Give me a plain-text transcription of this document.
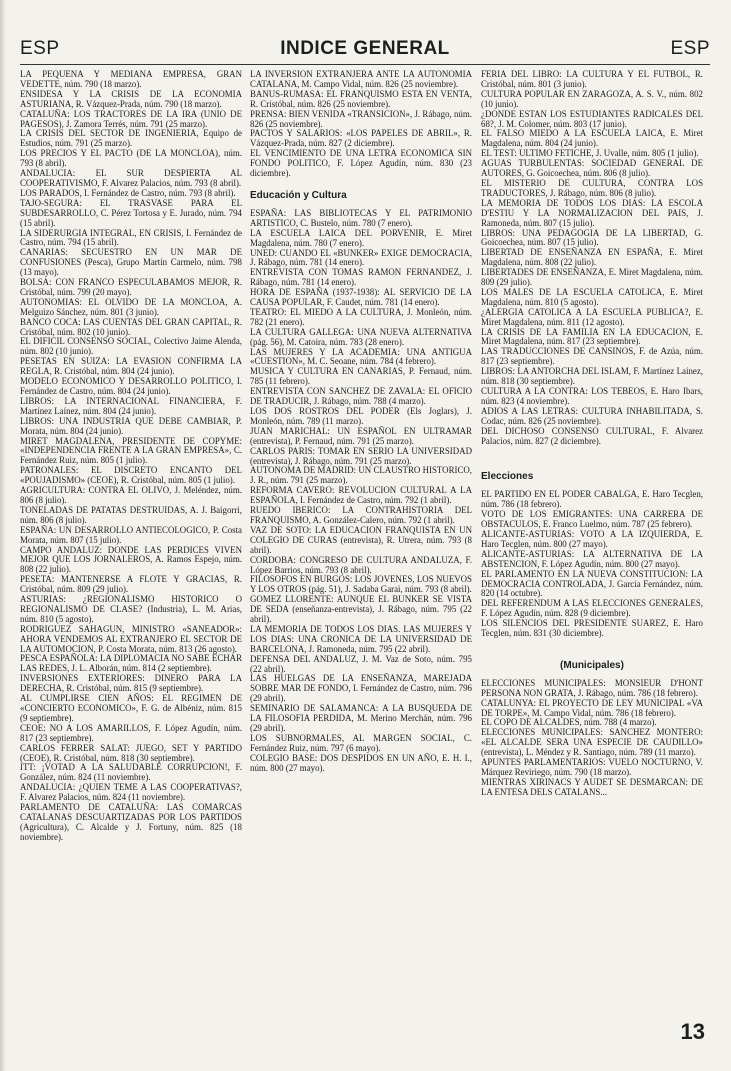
ESP	INDICE GENERAL	ESP

LA PEQUEÑA Y MEDIANA EMPRESA, GRAN VEDETTE, núm. 790 (18 marzo).

ENSIDESA Y LA CRISIS DE LA ECONOMIA ASTURIANA, R. Vázquez-Prada, núm. 790 (18 marzo).

CATALUÑA: LOS TRACTORES DE LA IRA (UNIO DE PAGESOS), J. Zamora Terrés, núm. 791 (25 marzo).

LA CRISIS DEL SECTOR DE INGENIERIA, Equipo de Estudios, núm. 791 (25 marzo).

LOS PRECIOS Y EL PACTO (DE LA MONCLOA), núm. 793 (8 abril).

ANDALUCIA: EL SUR DESPIERTA AL COOPERATIVISMO, F. Alvarez Palacios, núm. 793 (8 abril).

LOS PARADOS, I. Fernández de Castro, núm. 793 (8 abril).

TAJO-SEGURA: EL TRASVASE PARA EL SUBDESARROLLO, C. Pérez Tortosa y E. Jurado, núm. 794 (15 abril).

LA SIDERURGIA INTEGRAL, EN CRISIS, I. Fernández de Castro, núm. 794 (15 abril).

CANARIAS: SECUESTRO EN UN MAR DE CONFUSIONES (Pesca), Grupo Martín Carmelo, núm. 798 (13 mayo).

BOLSA: CON FRANCO ESPECULABAMOS MEJOR, R. Cristóbal, núm. 799 (20 mayo).

AUTONOMIAS: EL OLVIDO DE LA MONCLOA, A. Melguizo Sánchez, núm. 801 (3 junio).

BANCO COCA: LAS CUENTAS DEL GRAN CAPITAL, R. Cristóbal, núm. 802 (10 junio).

EL DIFICIL CONSENSO SOCIAL, Colectivo Jaime Alenda, núm. 802 (10 junio).

PESETAS EN SUIZA: LA EVASION CONFIRMA LA REGLA, R. Cristóbal, núm. 804 (24 junio).

MODELO ECONOMICO Y DESARROLLO POLITICO, I. Fernández de Castro, núm. 804 (24 junio).

LIBROS: LA INTERNACIONAL FINANCIERA, F. Martínez Laínez, núm. 804 (24 junio).

LIBROS: UNA INDUSTRIA QUE DEBE CAMBIAR, P. Morata, núm. 804 (24 junio).

MIRET MAGDALENA, PRESIDENTE DE COPYME: «INDEPENDENCIA FRENTE A LA GRAN EMPRESA», C. Fernández Ruiz, núm. 805 (1 julio).

PATRONALES: EL DISCRETO ENCANTO DEL «POUJADISMO» (CEOE), R. Cristóbal, núm. 805 (1 julio).

AGRICULTURA: CONTRA EL OLIVO, J. Meléndez, núm. 806 (8 julio).

TONELADAS DE PATATAS DESTRUIDAS, A. J. Baigorri, núm. 806 (8 julio).

ESPAÑA: UN DESARROLLO ANTIECOLOGICO, P. Costa Morata, núm. 807 (15 julio).

CAMPO ANDALUZ: DONDE LAS PERDICES VIVEN MEJOR QUE LOS JORNALEROS, A. Ramos Espejo, núm. 808 (22 julio).

PESETA: MANTENERSE A FLOTE Y GRACIAS, R. Cristóbal, núm. 809 (29 julio).

ASTURIAS: ¿REGIONALISMO HISTORICO O REGIONALISMO DE CLASE? (Industria), L. M. Arias, núm. 810 (5 agosto).

RODRIGUEZ SAHAGUN, MINISTRO «SANEADOR»: AHORA VENDEMOS AL EXTRANJERO EL SECTOR DE LA AUTOMOCION, P. Costa Morata, núm. 813 (26 agosto).

PESCA ESPAÑOLA: LA DIPLOMACIA NO SABE ECHAR LAS REDES, J. L. Alborán, núm. 814 (2 septiembre).

INVERSIONES EXTERIORES: DINERO PARA LA DERECHA, R. Cristóbal, núm. 815 (9 septiembre).

AL CUMPLIRSE CIEN AÑOS: EL REGIMEN DE «CONCIERTO ECONOMICO», F. G. de Albéniz, núm. 815 (9 septiembre).

CEOE: NO A LOS AMARILLOS, F. López Agudín, núm. 817 (23 septiembre).

CARLOS FERRER SALAT: JUEGO, SET Y PARTIDO (CEOE), R. Cristóbal, núm. 818 (30 septiembre).

ITT: ¡VOTAD A LA SALUDABLE CORRUPCION!, F. González, núm. 824 (11 noviembre).

ANDALUCIA: ¿QUIEN TEME A LAS COOPERATIVAS?, F. Alvarez Palacios, núm. 824 (11 noviembre).

PARLAMENTO DE CATALUÑA: LAS COMARCAS CATALANAS DESCUARTIZADAS POR LOS PARTIDOS (Agricultura), C. Alcalde y J. Fortuny, núm. 825 (18 noviembre).

LA INVERSION EXTRANJERA ANTE LA AUTONOMIA CATALANA, M. Campo Vidal, núm. 826 (25 noviembre).

BANUS-RUMASA: EL FRANQUISMO ESTA EN VENTA, R. Cristóbal, núm. 826 (25 noviembre).

PRENSA: BIEN VENIDA «TRANSICION», J. Rábago, núm. 826 (25 noviembre).

PACTOS Y SALARIOS: «LOS PAPELES DE ABRIL», R. Vázquez-Prada, núm. 827 (2 diciembre).

EL VENCIMIENTO DE UNA LETRA ECONOMICA SIN FONDO POLITICO, F. López Agudín, núm. 830 (23 diciembre).

Educación y Cultura

ESPAÑA: LAS BIBLIOTECAS Y EL PATRIMONIO ARTISTICO, C. Bustelo, núm. 780 (7 enero).

LA ESCUELA LAICA DEL PORVENIR, E. Miret Magdalena, núm. 780 (7 enero).

UNED: CUANDO EL «BUNKER» EXIGE DEMOCRACIA, J. Rábago, núm. 781 (14 enero).

ENTREVISTA CON TOMAS RAMON FERNANDEZ, J. Rábago, núm. 781 (14 enero).

HORA DE ESPAÑA (1937-1938): AL SERVICIO DE LA CAUSA POPULAR, F. Caudet, núm. 781 (14 enero).

TEATRO: EL MIEDO A LA CULTURA, J. Monleón, núm. 782 (21 enero).

LA CULTURA GALLEGA: UNA NUEVA ALTERNATIVA (pág. 56), M. Catoira, núm. 783 (28 enero).

LAS MUJERES Y LA ACADEMIA: UNA ANTIGUA «CUESTION», M. C. Seoane, núm. 784 (4 febrero).

MUSICA Y CULTURA EN CANARIAS, P. Fernaud, núm. 785 (11 febrero).

ENTREVISTA CON SANCHEZ DE ZAVALA: EL OFICIO DE TRADUCIR, J. Rábago, núm. 788 (4 marzo).

LOS DOS ROSTROS DEL PODER (Els Joglars), J. Monleón, núm. 789 (11 marzo).

JUAN MARICHAL: UN ESPAÑOL EN ULTRAMAR (entrevista), P. Fernaud, núm. 791 (25 marzo).

CARLOS PARIS: TOMAR EN SERIO LA UNIVERSIDAD (entrevista), J. Rábago, núm. 791 (25 marzo).

AUTONOMA DE MADRID: UN CLAUSTRO HISTORICO, J. R., núm. 791 (25 marzo).

REFORMA CAVERO: REVOLUCION CULTURAL A LA ESPAÑOLA, I. Fernández de Castro, núm. 792 (1 abril).

RUEDO IBERICO: LA CONTRAHISTORIA DEL FRANQUISMO, A. González-Calero, núm. 792 (1 abril).

VAZ DE SOTO: LA EDUCACION FRANQUISTA EN UN COLEGIO DE CURAS (entrevista), R. Utrera, núm. 793 (8 abril).

CORDOBA: CONGRESO DE CULTURA ANDALUZA, F. López Barrios, núm. 793 (8 abril).

FILOSOFOS EN BURGOS: LOS JOVENES, LOS NUEVOS Y LOS OTROS (pág. 51), J. Sadaba Garai, núm. 793 (8 abril).

GOMEZ LLORENTE: AUNQUE EL BUNKER SE VISTA DE SEDA (enseñanza-entrevista), J. Rábago, núm. 795 (22 abril).

LA MEMORIA DE TODOS LOS DIAS. LAS MUJERES Y LOS DIAS: UNA CRONICA DE LA UNIVERSIDAD DE BARCELONA, J. Ramoneda, núm. 795 (22 abril).

DEFENSA DEL ANDALUZ, J. M. Vaz de Soto, núm. 795 (22 abril).

LAS HUELGAS DE LA ENSEÑANZA, MAREJADA SOBRE MAR DE FONDO, I. Fernández de Castro, núm. 796 (29 abril).

SEMINARIO DE SALAMANCA: A LA BUSQUEDA DE LA FILOSOFIA PERDIDA, M. Merino Merchán, núm. 796 (29 abril).

LOS SUBNORMALES, AL MARGEN SOCIAL, C. Fernández Ruiz, núm. 797 (6 mayo).

COLEGIO BASE: DOS DESPIDOS EN UN AÑO, E. H. I., núm. 800 (27 mayo).

FERIA DEL LIBRO: LA CULTURA Y EL FUTBOL, R. Cristóbal, núm. 801 (3 junio).

CULTURA POPULAR EN ZARAGOZA, A. S. V., núm. 802 (10 junio).

¿DONDE ESTAN LOS ESTUDIANTES RADICALES DEL 68?, J. M. Colomer, núm. 803 (17 junio).

EL FALSO MIEDO A LA ESCUELA LAICA, E. Miret Magdalena, núm. 804 (24 junio).

EL TEST: ULTIMO FETICHE, J. Uvalle, núm. 805 (1 julio).

AGUAS TURBULENTAS: SOCIEDAD GENERAL DE AUTORES, G. Goicoechea, núm. 806 (8 julio).

EL MISTERIO DE CULTURA, CONTRA LOS TRADUCTORES, J. Rábago, núm. 806 (8 julio).

LA MEMORIA DE TODOS LOS DIAS: LA ESCOLA D'ESTIU Y LA NORMALIZACION DEL PAIS, J. Ramoneda, núm. 807 (15 julio).

LIBROS: UNA PEDAGOGIA DE LA LIBERTAD, G. Goicoechea, núm. 807 (15 julio).

LIBERTAD DE ENSEÑANZA EN ESPAÑA, E. Miret Magdalena, núm. 808 (22 julio).

LIBERTADES DE ENSEÑANZA, E. Miret Magdalena, núm. 809 (29 julio).

LOS MALES DE LA ESCUELA CATOLICA, E. Miret Magdalena, núm. 810 (5 agosto).

¿ALERGIA CATOLICA A LA ESCUELA PUBLICA?, E. Miret Magdalena, núm. 811 (12 agosto).

LA CRISIS DE LA FAMILIA EN LA EDUCACION, E. Miret Magdalena, núm. 817 (23 septiembre).

LAS TRADUCCIONES DE CANSINOS, F. de Azúa, núm. 817 (23 septiembre).

LIBROS: LA ANTORCHA DEL ISLAM, F. Martínez Laínez, núm. 818 (30 septiembre).

CULTURA A LA CONTRA: LOS TEBEOS, E. Haro Ibars, núm. 823 (4 noviembre).

ADIOS A LAS LETRAS: CULTURA INHABILITADA, S. Codac, núm. 826 (25 noviembre).

DEL DICHOSO CONSENSO CULTURAL, F. Alvarez Palacios, núm. 827 (2 diciembre).

Elecciones

EL PARTIDO EN EL PODER CABALGA, E. Haro Tecglen, núm. 786 (18 febrero).

VOTO DE LOS EMIGRANTES: UNA CARRERA DE OBSTACULOS, E. Franco Luelmo, núm. 787 (25 febrero).

ALICANTE-ASTURIAS: VOTO A LA IZQUIERDA, E. Haro Tecglen, núm. 800 (27 mayo).

ALICANTE-ASTURIAS: LA ALTERNATIVA DE LA ABSTENCION, F. López Agudín, núm. 800 (27 mayo).

EL PARLAMENTO EN LA NUEVA CONSTITUCION: LA DEMOCRACIA CONTROLADA, J. García Fernández, núm. 820 (14 octubre).

DEL REFERENDUM A LAS ELECCIONES GENERALES, F. López Agudín, núm. 828 (9 diciembre).

LOS SILENCIOS DEL PRESIDENTE SUAREZ, E. Haro Tecglen, núm. 831 (30 diciembre).

(Municipales)

ELECCIONES MUNICIPALES: MONSIEUR D'HONT PERSONA NON GRATA, J. Rábago, núm. 786 (18 febrero).

CATALUNYA: EL PROYECTO DE LEY MUNICIPAL «VA DE TORPE», M. Campo Vidal, núm. 786 (18 febrero).

EL COPO DE ALCALDES, núm. 788 (4 marzo).

ELECCIONES MUNICIPALES: SANCHEZ MONTERO: «EL ALCALDE SERA UNA ESPECIE DE CAUDILLO» (entrevista), L. Méndez y R. Santiago, núm. 789 (11 marzo).

APUNTES PARLAMENTARIOS: VUELO NOCTURNO, V. Márquez Reviriego, núm. 790 (18 marzo).

MIENTRAS XIRINACS Y AUDET SE DESMARCAN: DE LA ENTESA DELS CATALANS...

13
